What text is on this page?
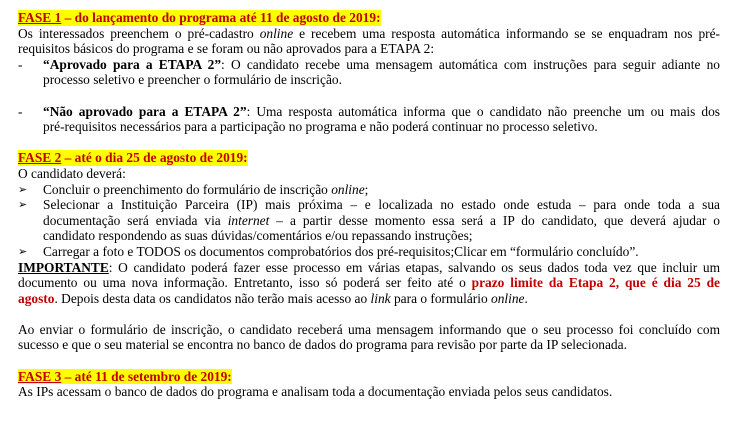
FASE 1 – do lançamento do programa até 11 de agosto de 2019:
Os interessados preenchem o pré-cadastro online e recebem uma resposta automática informando se se enquadram nos pré-
requisitos básicos do programa e se foram ou não aprovados para a ETAPA 2:
- “Aprovado para a ETAPA 2”: O candidato recebe uma mensagem automática com instruções para seguir adiante no
processo seletivo e preencher o formulário de inscrição.
- “Não aprovado para a ETAPA 2”: Uma resposta automática informa que o candidato não preenche um ou mais dos
pré-requisitos necessários para a participação no programa e não poderá continuar no processo seletivo.
FASE 2 – até o dia 25 de agosto de 2019:
O candidato deverá:
➢ Concluir o preenchimento do formulário de inscrição online;
➢ Selecionar a Instituição Parceira (IP) mais próxima – e localizada no estado onde estuda – para onde toda a sua
documentação será enviada via internet – a partir desse momento essa será a IP do candidato, que deverá ajudar o
candidato respondendo as suas dúvidas/comentários e/ou repassando instruções;
➢ Carregar a foto e TODOS os documentos comprobatórios dos pré-requisitos;Clicar em “formulário concluído”.
IMPORTANTE: O candidato poderá fazer esse processo em várias etapas, salvando os seus dados toda vez que incluir um
documento ou uma nova informação. Entretanto, isso só poderá ser feito até o prazo limite da Etapa 2, que é dia 25 de
agosto. Depois desta data os candidatos não terão mais acesso ao link para o formulário online.
Ao enviar o formulário de inscrição, o candidato receberá uma mensagem informando que o seu processo foi concluído com
sucesso e que o seu material se encontra no banco de dados do programa para revisão por parte da IP selecionada.
FASE 3 – até 11 de setembro de 2019:
As IPs acessam o banco de dados do programa e analisam toda a documentação enviada pelos seus candidatos.
